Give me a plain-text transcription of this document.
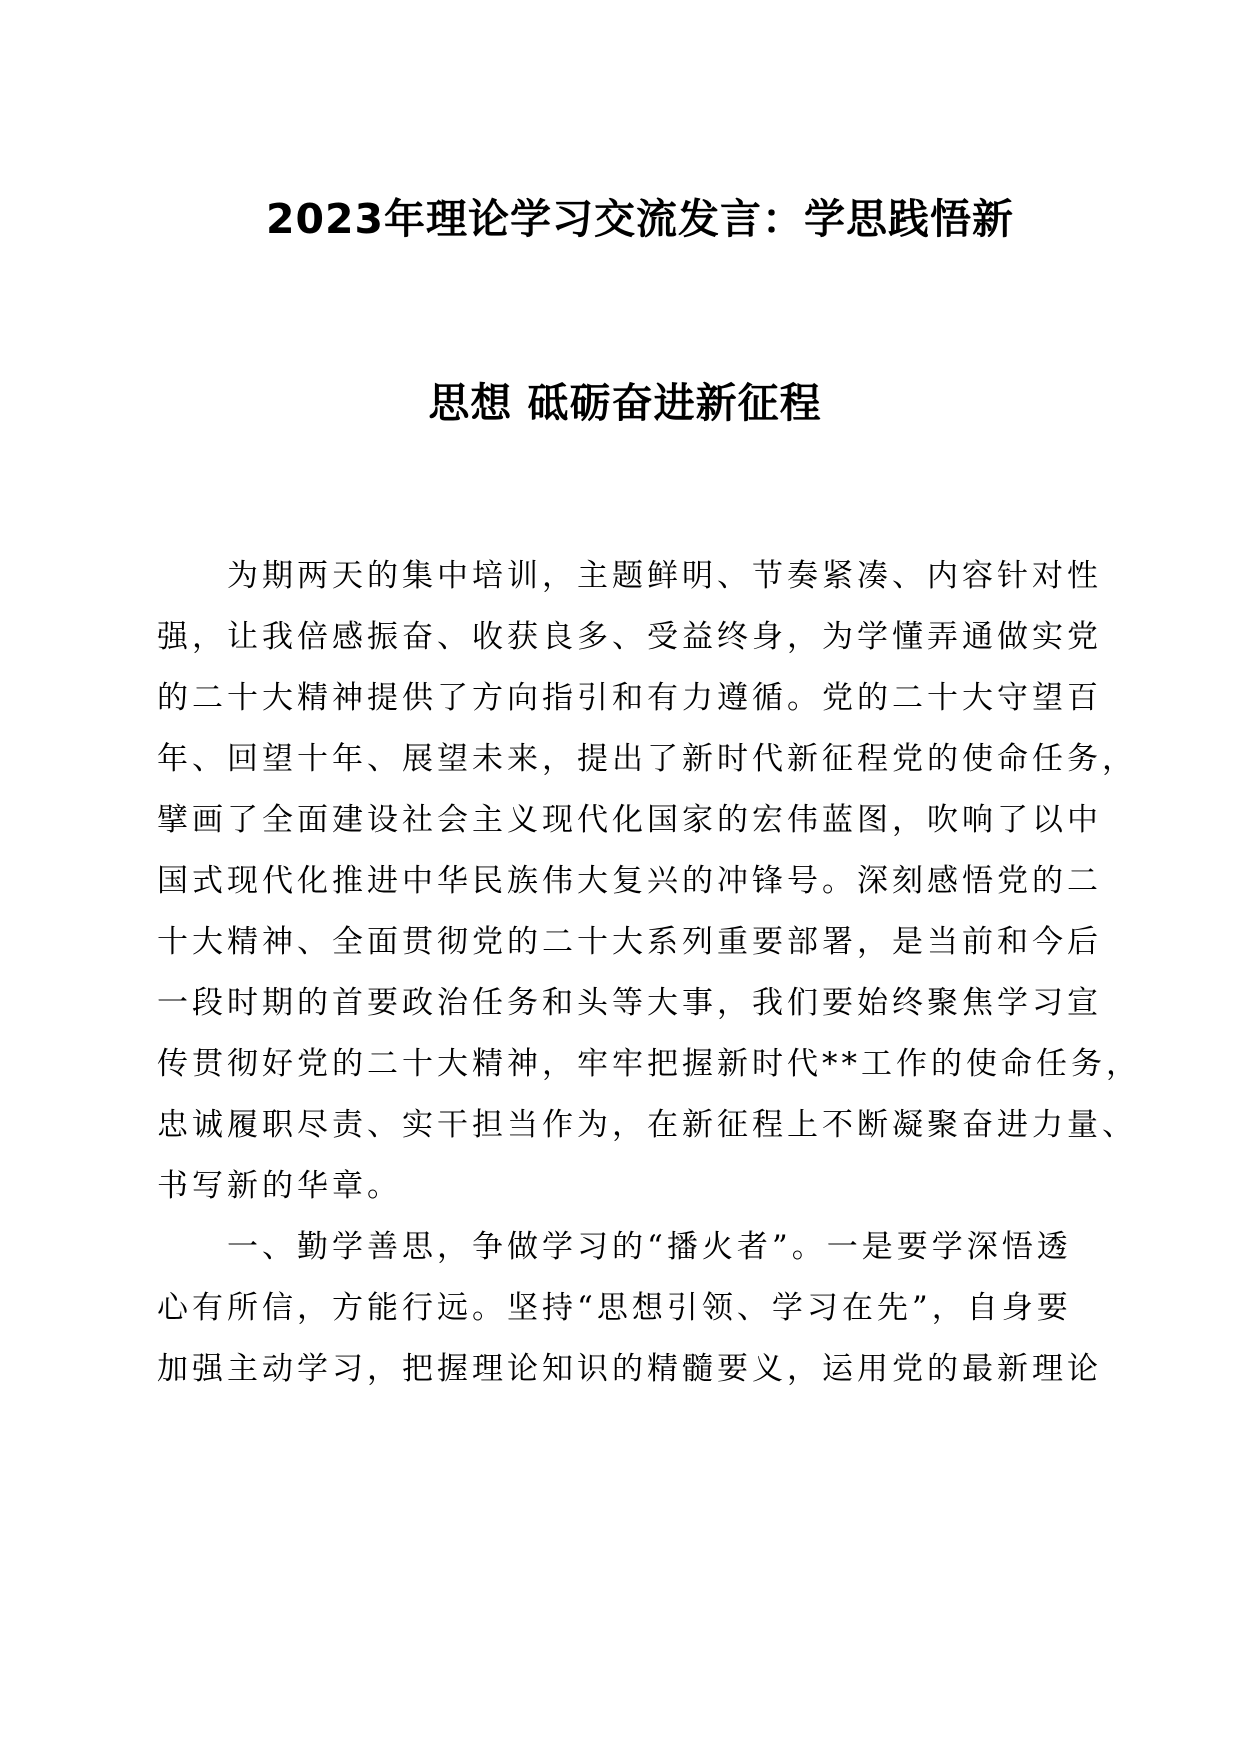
2023年理论学习交流发言：学思践悟新
思想 砥砺奋进新征程
　　为期两天的集中培训，主题鲜明、节奏紧凑、内容针对性
强，让我倍感振奋、收获良多、受益终身，为学懂弄通做实党
的二十大精神提供了方向指引和有力遵循。党的二十大守望百
年、回望十年、展望未来，提出了新时代新征程党的使命任务，
擘画了全面建设社会主义现代化国家的宏伟蓝图，吹响了以中
国式现代化推进中华民族伟大复兴的冲锋号。深刻感悟党的二
十大精神、全面贯彻党的二十大系列重要部署，是当前和今后
一段时期的首要政治任务和头等大事，我们要始终聚焦学习宣
传贯彻好党的二十大精神，牢牢把握新时代**工作的使命任务，
忠诚履职尽责、实干担当作为，在新征程上不断凝聚奋进力量、
书写新的华章。
　　一、勤学善思，争做学习的“播火者”。一是要学深悟透
心有所信，方能行远。坚持“思想引领、学习在先”，自身要
加强主动学习，把握理论知识的精髓要义，运用党的最新理论
